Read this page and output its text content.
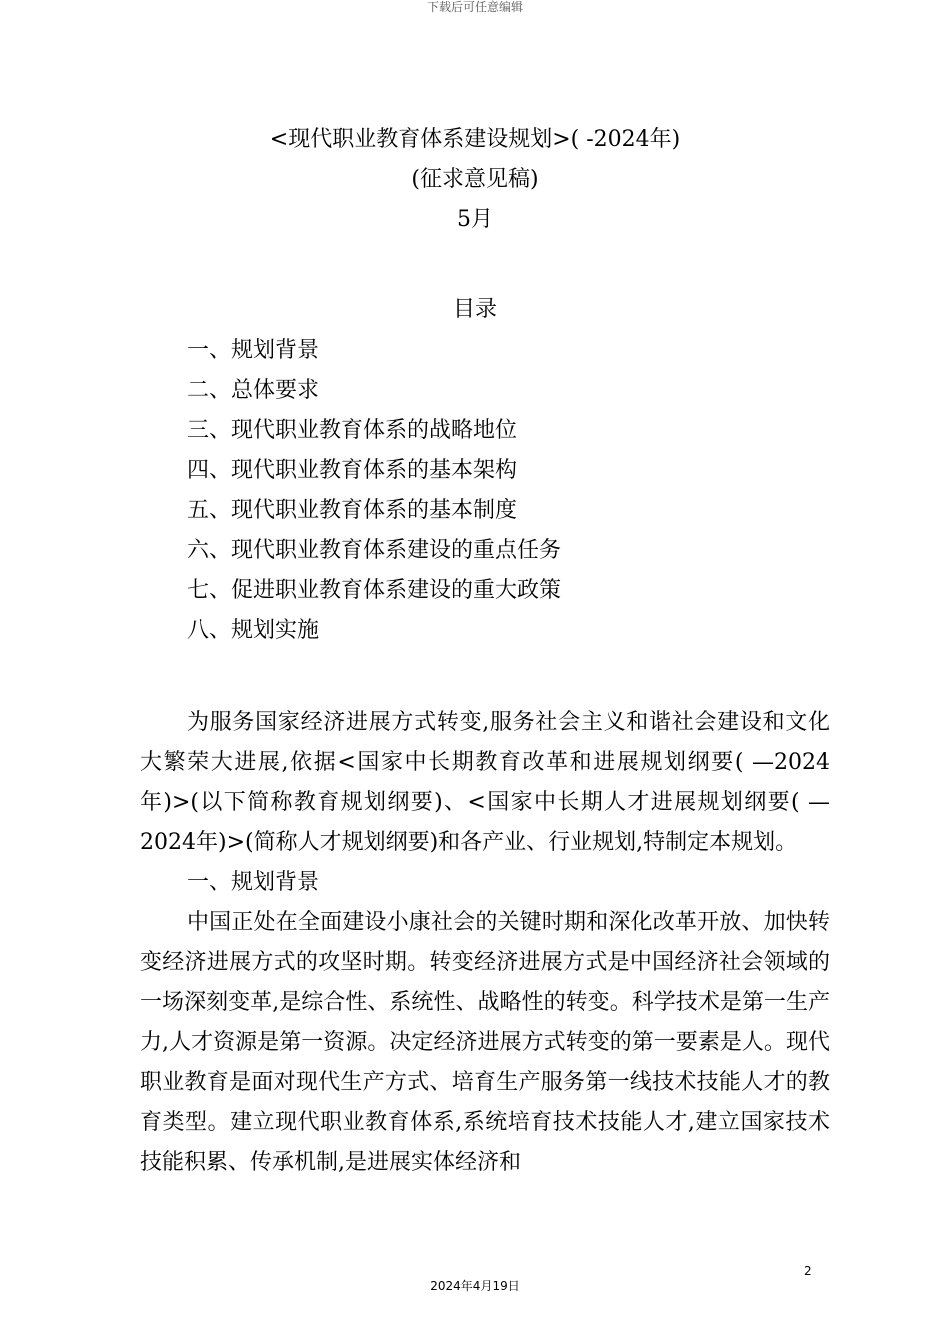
下载后可任意编辑
<现代职业教育体系建设规划>( -2024年)
(征求意见稿)
5月
目录
一、规划背景
二、总体要求
三、现代职业教育体系的战略地位
四、现代职业教育体系的基本架构
五、现代职业教育体系的基本制度
六、现代职业教育体系建设的重点任务
七、促进职业教育体系建设的重大政策
八、规划实施

为服务国家经济进展方式转变,服务社会主义和谐社会建设和文化大繁荣大进展,依据<国家中长期教育改革和进展规划纲要( —2024年)>(以下简称教育规划纲要)、<国家中长期人才进展规划纲要( —2024年)>(简称人才规划纲要)和各产业、行业规划,特制定本规划。

一、规划背景

中国正处在全面建设小康社会的关键时期和深化改革开放、加快转变经济进展方式的攻坚时期。转变经济进展方式是中国经济社会领域的一场深刻变革,是综合性、系统性、战略性的转变。科学技术是第一生产力,人才资源是第一资源。决定经济进展方式转变的第一要素是人。现代职业教育是面对现代生产方式、培育生产服务第一线技术技能人才的教育类型。建立现代职业教育体系,系统培育技术技能人才,建立国家技术技能积累、传承机制,是进展实体经济和

2
2024年4月19日
